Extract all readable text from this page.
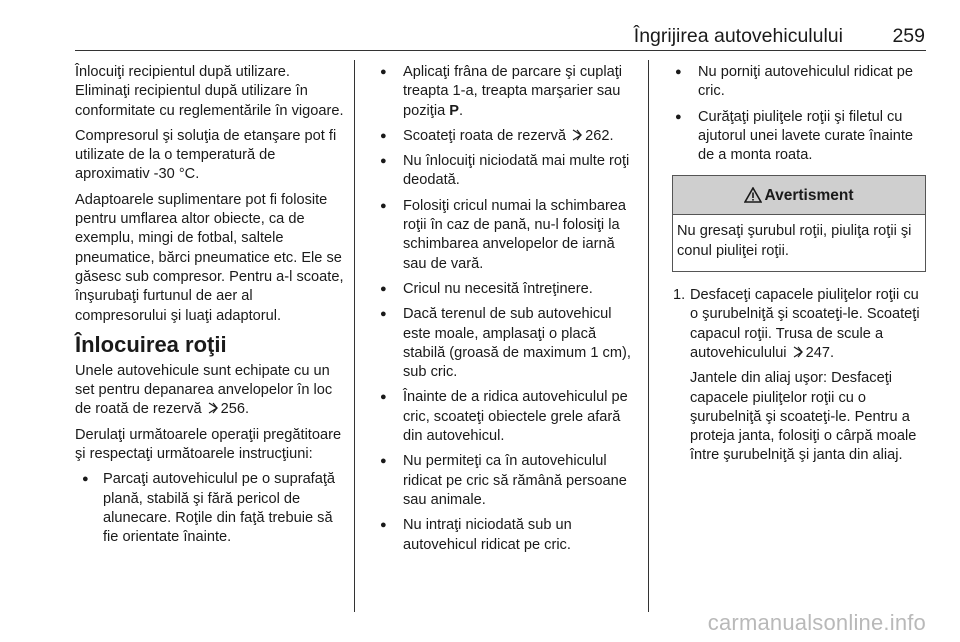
Îngrijirea autovehiculului	259

Înlocuiţi recipientul după utilizare. Eliminaţi recipientul după utilizare în conformitate cu reglementările în vigoare.

Compresorul şi soluţia de etanşare pot fi utilizate de la o temperatură de aproximativ -30 °C.

Adaptoarele suplimentare pot fi folosite pentru umflarea altor obiecte, ca de exemplu, mingi de fotbal, saltele pneumatice, bărci pneumatice etc. Ele se găsesc sub compresor. Pentru a-l scoate, înşurubaţi furtunul de aer al compresorului şi luaţi adaptorul.

Înlocuirea roţii

Unele autovehicule sunt echipate cu un set pentru depanarea anvelopelor în loc de roată de rezervă 256.

Derulaţi următoarele operaţii pregătitoare şi respectaţi următoarele instrucţiuni:

● Parcaţi autovehiculul pe o suprafaţă plană, stabilă şi fără pericol de alunecare. Roţile din faţă trebuie să fie orientate înainte.
● Aplicaţi frâna de parcare şi cuplaţi treapta 1-a, treapta marşarier sau poziţia P.
● Scoateţi roata de rezervă 262.
● Nu înlocuiţi niciodată mai multe roţi deodată.
● Folosiţi cricul numai la schimbarea roţii în caz de pană, nu-l folosiţi la schimbarea anvelopelor de iarnă sau de vară.
● Cricul nu necesită întreţinere.
● Dacă terenul de sub autovehicul este moale, amplasaţi o placă stabilă (groasă de maximum 1 cm), sub cric.
● Înainte de a ridica autovehiculul pe cric, scoateţi obiectele grele afară din autovehicul.
● Nu permiteţi ca în autovehiculul ridicat pe cric să rămână persoane sau animale.
● Nu intraţi niciodată sub un autovehicul ridicat pe cric.
● Nu porniţi autovehiculul ridicat pe cric.
● Curăţaţi piuliţele roţii şi filetul cu ajutorul unei lavete curate înainte de a monta roata.
Avertisment
Nu gresaţi şurubul roţii, piuliţa roţii şi conul piuliţei roţii.
1. Desfaceţi capacele piuliţelor roţii cu o şurubelniţă şi scoateţi-le. Scoateţi capacul roţii. Trusa de scule a autovehiculului 247.

Jantele din aliaj uşor: Desfaceţi capacele piuliţelor roţii cu o şurubelniţă şi scoateţi-le. Pentru a proteja janta, folosiţi o cârpă moale între şurubelniţă şi janta din aliaj.

carmanualsonline.info
